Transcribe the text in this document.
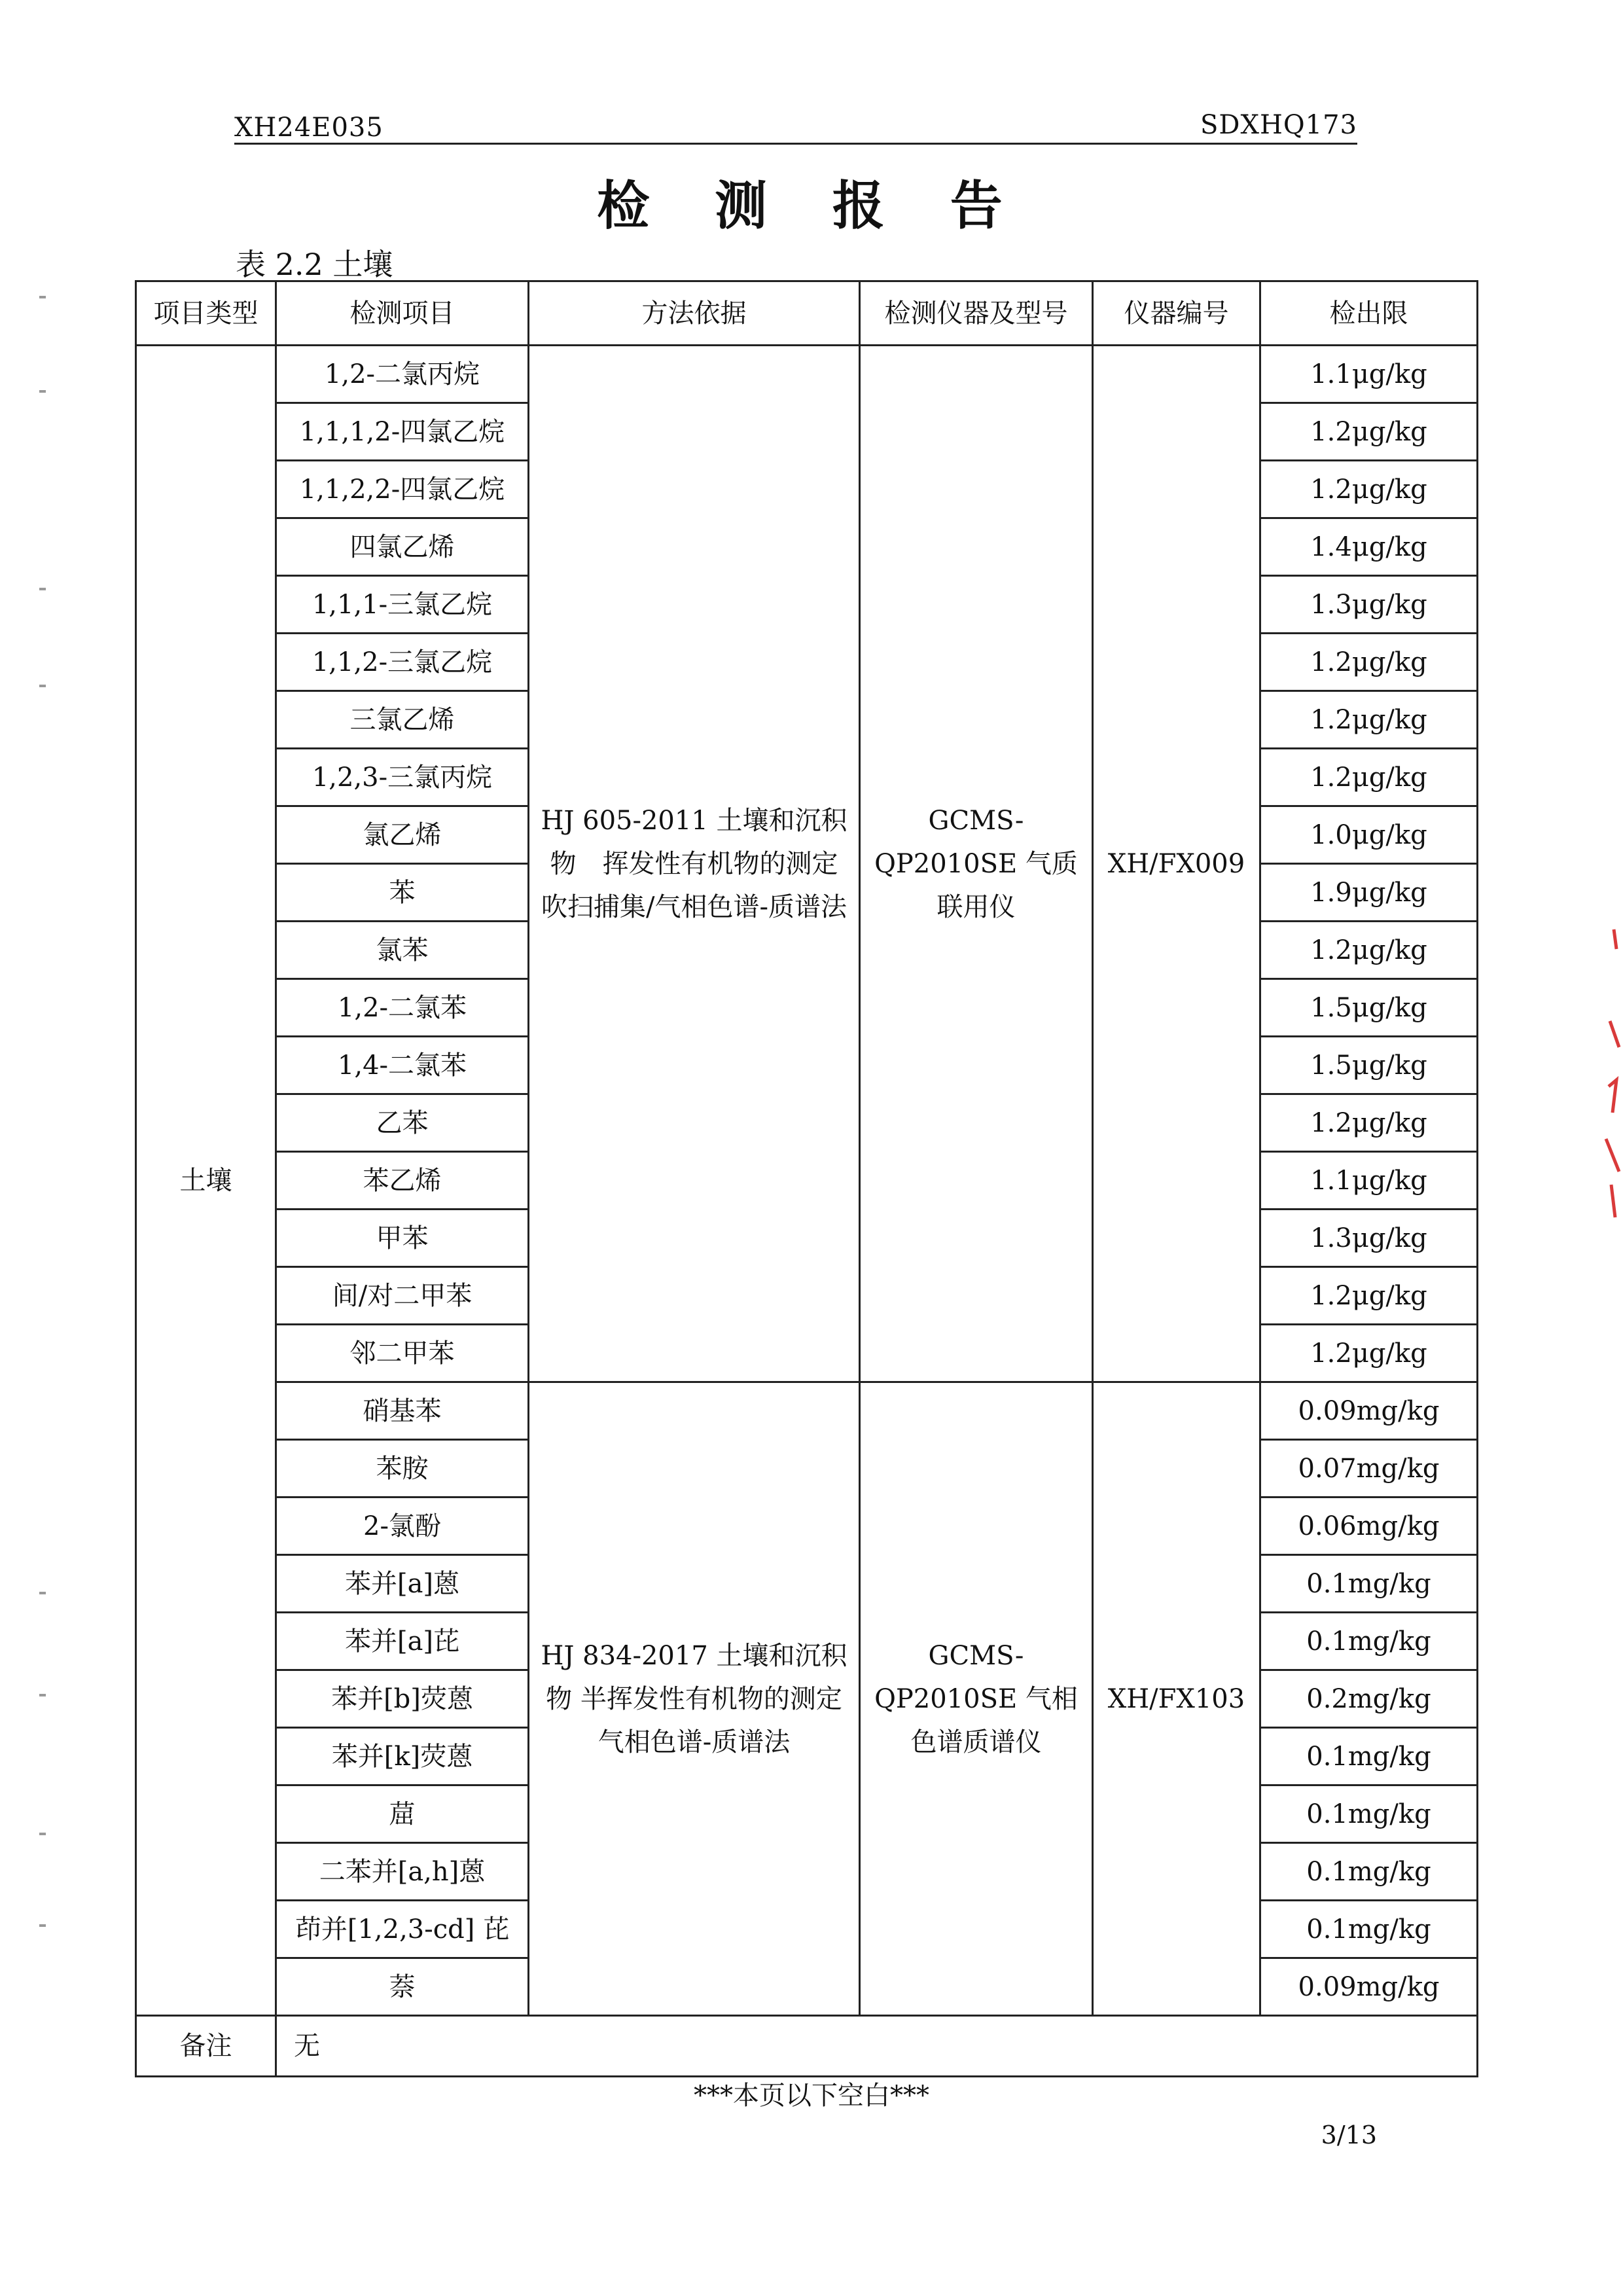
XH24E035	SDXHQ173
检 测 报 告
表 2.2 土壤
项目类型	检测项目	方法依据	检测仪器及型号	仪器编号	检出限
土壤	1,2-二氯丙烷	HJ 605-2011 土壤和沉积物　挥发性有机物的测定　吹扫捕集/气相色谱-质谱法	GCMS-QP2010SE 气质联用仪	XH/FX009	1.1μg/kg
	1,1,1,2-四氯乙烷				1.2μg/kg
	1,1,2,2-四氯乙烷				1.2μg/kg
	四氯乙烯				1.4μg/kg
	1,1,1-三氯乙烷				1.3μg/kg
	1,1,2-三氯乙烷				1.2μg/kg
	三氯乙烯				1.2μg/kg
	1,2,3-三氯丙烷				1.2μg/kg
	氯乙烯				1.0μg/kg
	苯				1.9μg/kg
	氯苯				1.2μg/kg
	1,2-二氯苯				1.5μg/kg
	1,4-二氯苯				1.5μg/kg
	乙苯				1.2μg/kg
	苯乙烯				1.1μg/kg
	甲苯				1.3μg/kg
	间/对二甲苯				1.2μg/kg
	邻二甲苯				1.2μg/kg
	硝基苯	HJ 834-2017 土壤和沉积物 半挥发性有机物的测定 气相色谱-质谱法	GCMS-QP2010SE 气相色谱质谱仪	XH/FX103	0.09mg/kg
	苯胺				0.07mg/kg
	2-氯酚				0.06mg/kg
	苯并[a]蒽				0.1mg/kg
	苯并[a]芘				0.1mg/kg
	苯并[b]荧蒽				0.2mg/kg
	苯并[k]荧蒽				0.1mg/kg
	䓛				0.1mg/kg
	二苯并[a,h]蒽				0.1mg/kg
	茚并[1,2,3-cd] 芘				0.1mg/kg
	萘				0.09mg/kg
备注	无				
***本页以下空白***
3/13
